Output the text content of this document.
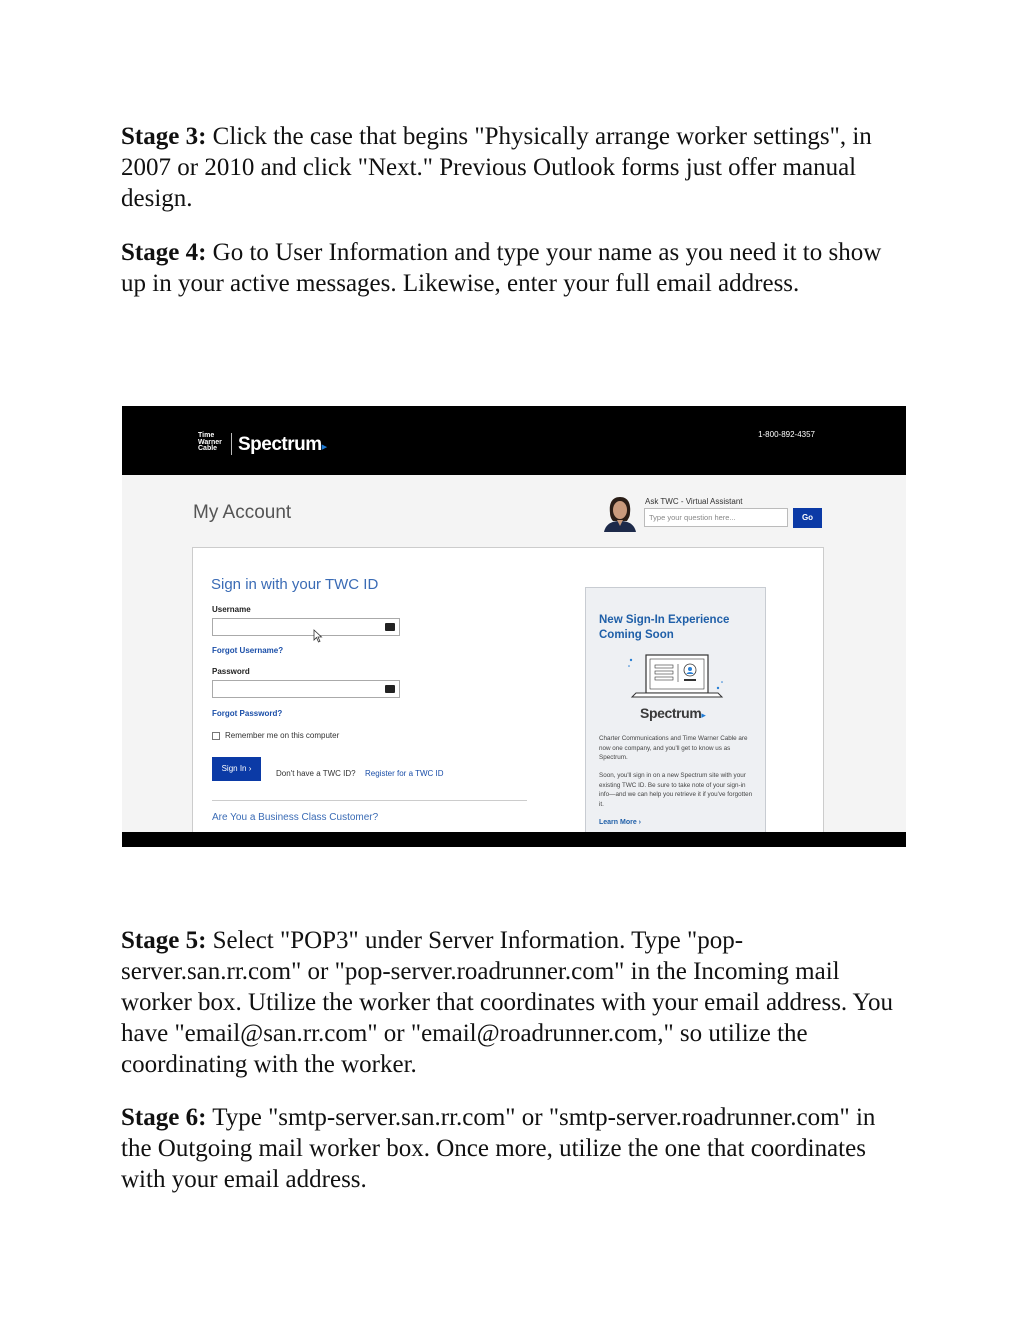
Stage 3: Click the case that begins "Physically arrange worker settings", in 2007 or 2010 and click "Next." Previous Outlook forms just offer manual design.

Stage 4: Go to User Information and type your name as you need it to show up in your active messages. Likewise, enter your full email address.

Time
Warner
Cable Spectrum▸
1-800-892-4357
My Account
Ask TWC - Virtual Assistant
Type your question here...	Go
Sign in with your TWC ID
Username
Forgot Username?
Password
Forgot Password?
Remember me on this computer
Sign In ›
Don't have a TWC ID? Register for a TWC ID
Are You a Business Class Customer?
New Sign-In Experience Coming Soon
Spectrum▸
Charter Communications and Time Warner Cable are now one company, and you'll get to know us as Spectrum.
Soon, you'll sign in on a new Spectrum site with your existing TWC ID. Be sure to take note of your sign-in info—and we can help you retrieve it if you've forgotten it.
Learn More ›

Stage 5: Select "POP3" under Server Information. Type "pop-server.san.rr.com" or "pop-server.roadrunner.com" in the Incoming mail worker box. Utilize the worker that coordinates with your email address. You have "email@san.rr.com" or "email@roadrunner.com," so utilize the coordinating with the worker.

Stage 6: Type "smtp-server.san.rr.com" or "smtp-server.roadrunner.com" in the Outgoing mail worker box. Once more, utilize the one that coordinates with your email address.
